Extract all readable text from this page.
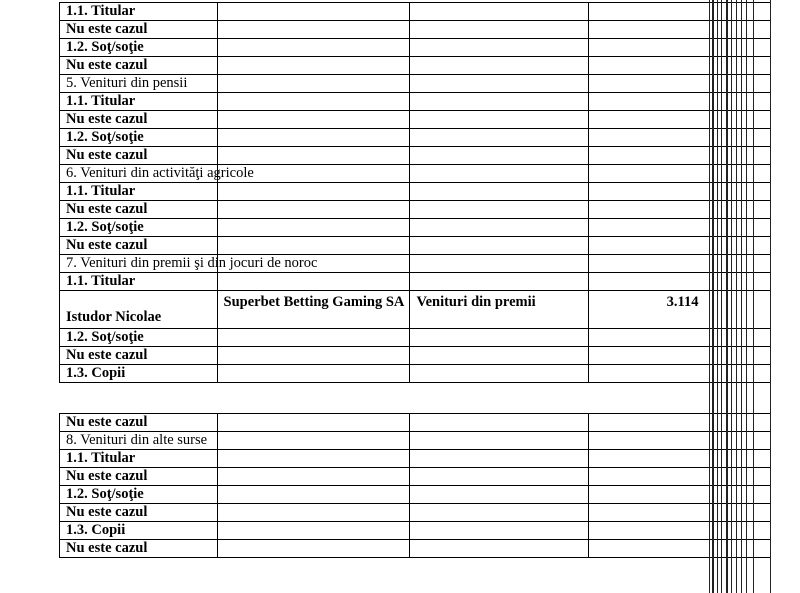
1.1. Titular			
Nu este cazul			
1.2. Soţ/soţie			
Nu este cazul			
5. Venituri din pensii			
1.1. Titular			
Nu este cazul			
1.2. Soţ/soţie			
Nu este cazul			
6. Venituri din activităţi agricole			
1.1. Titular			
Nu este cazul			
1.2. Soţ/soţie			
Nu este cazul			
7. Venituri din premii şi din jocuri de noroc			
1.1. Titular			
Istudor Nicolae	Superbet Betting Gaming SA	Venituri din premii	3.114
1.2. Soţ/soţie			
Nu este cazul			
1.3. Copii			
Nu este cazul			
8. Venituri din alte surse			
1.1. Titular			
Nu este cazul			
1.2. Soţ/soţie			
Nu este cazul			
1.3. Copii			
Nu este cazul			
